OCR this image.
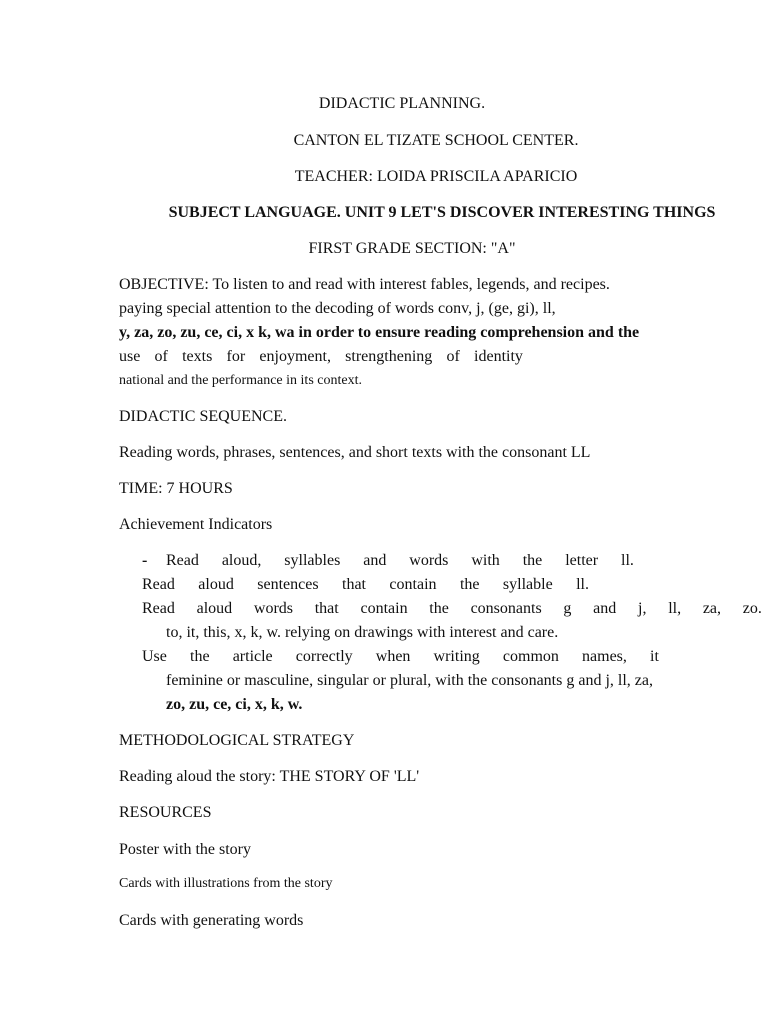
DIDACTIC PLANNING.
CANTON EL TIZATE SCHOOL CENTER.
TEACHER: LOIDA PRISCILA APARICIO
SUBJECT LANGUAGE. UNIT 9 LET'S DISCOVER INTERESTING THINGS
FIRST GRADE SECTION: "A"
OBJECTIVE: To listen to and read with interest fables, legends, and recipes.
paying special attention to the decoding of words conv, j, (ge, gi), ll,
y, za, zo, zu, ce, ci, x k, wa in order to ensure reading comprehension and the
use of texts for enjoyment, strengthening of identity
national and the performance in its context.
DIDACTIC SEQUENCE.
Reading words, phrases, sentences, and short texts with the consonant LL
TIME: 7 HOURS
Achievement Indicators
- Read aloud, syllables and words with the letter ll.
Read aloud sentences that contain the syllable ll.
Read aloud words that contain the consonants g and j, ll, za, zo.
to, it, this, x, k, w. relying on drawings with interest and care.
Use the article correctly when writing common names, it
feminine or masculine, singular or plural, with the consonants g and j, ll, za,
zo, zu, ce, ci, x, k, w.
METHODOLOGICAL STRATEGY
Reading aloud the story: THE STORY OF 'LL'
RESOURCES
Poster with the story
Cards with illustrations from the story
Cards with generating words
